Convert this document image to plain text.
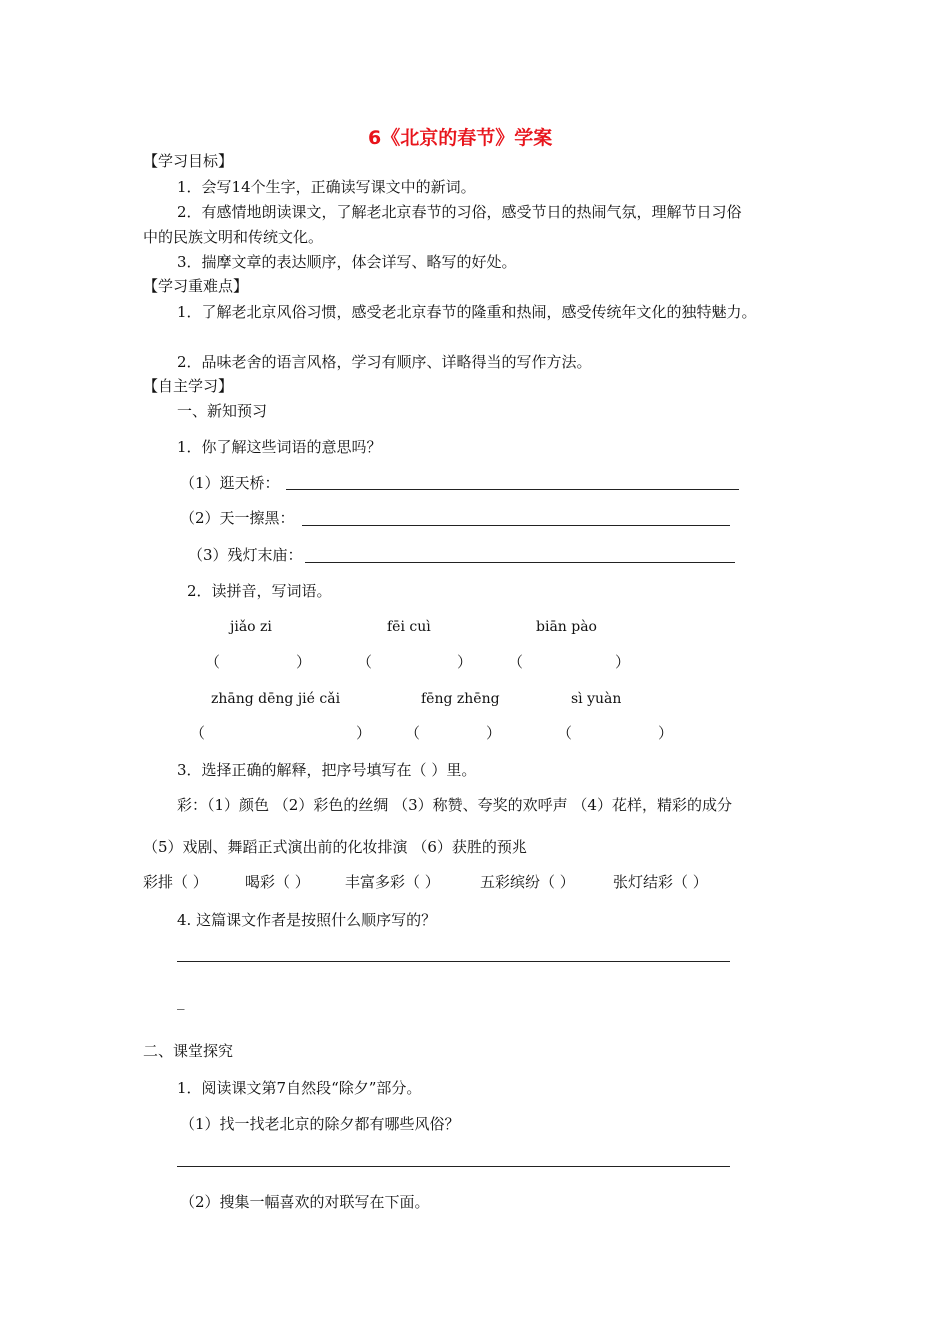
6《北京的春节》学案
【学习目标】
1．会写14个生字，正确读写课文中的新词。
2．有感情地朗读课文，了解老北京春节的习俗，感受节日的热闹气氛，理解节日习俗
中的民族文明和传统文化。
3．揣摩文章的表达顺序，体会详写、略写的好处。
【学习重难点】
1．了解老北京风俗习惯，感受老北京春节的隆重和热闹，感受传统年文化的独特魅力。
2．品味老舍的语言风格，学习有顺序、详略得当的写作方法。
【自主学习】
一、新知预习
1．你了解这些词语的意思吗？
（1）逛天桥：
（2）天一擦黑：
（3）残灯末庙：
2．读拼音，写词语。
jiǎo zi	fēi cuì	biān pào
（	）	（	） （	）
zhāng dēng jié cǎi	fēng zhēng	sì yuàn
（	） （	）	（	）
3．选择正确的解释，把序号填写在（ ）里。
彩：（1）颜色 （2）彩色的丝绸 （3）称赞、夸奖的欢呼声 （4）花样，精彩的成分
（5）戏剧、舞蹈正式演出前的化妆排演 （6）获胜的预兆
彩排（ ） 喝彩（ ） 丰富多彩（ ）	五彩缤纷（ ）	张灯结彩（ ）
4. 这篇课文作者是按照什么顺序写的？
_
二、课堂探究
1．阅读课文第7自然段“除夕”部分。
（1）找一找老北京的除夕都有哪些风俗？
（2）搜集一幅喜欢的对联写在下面。
